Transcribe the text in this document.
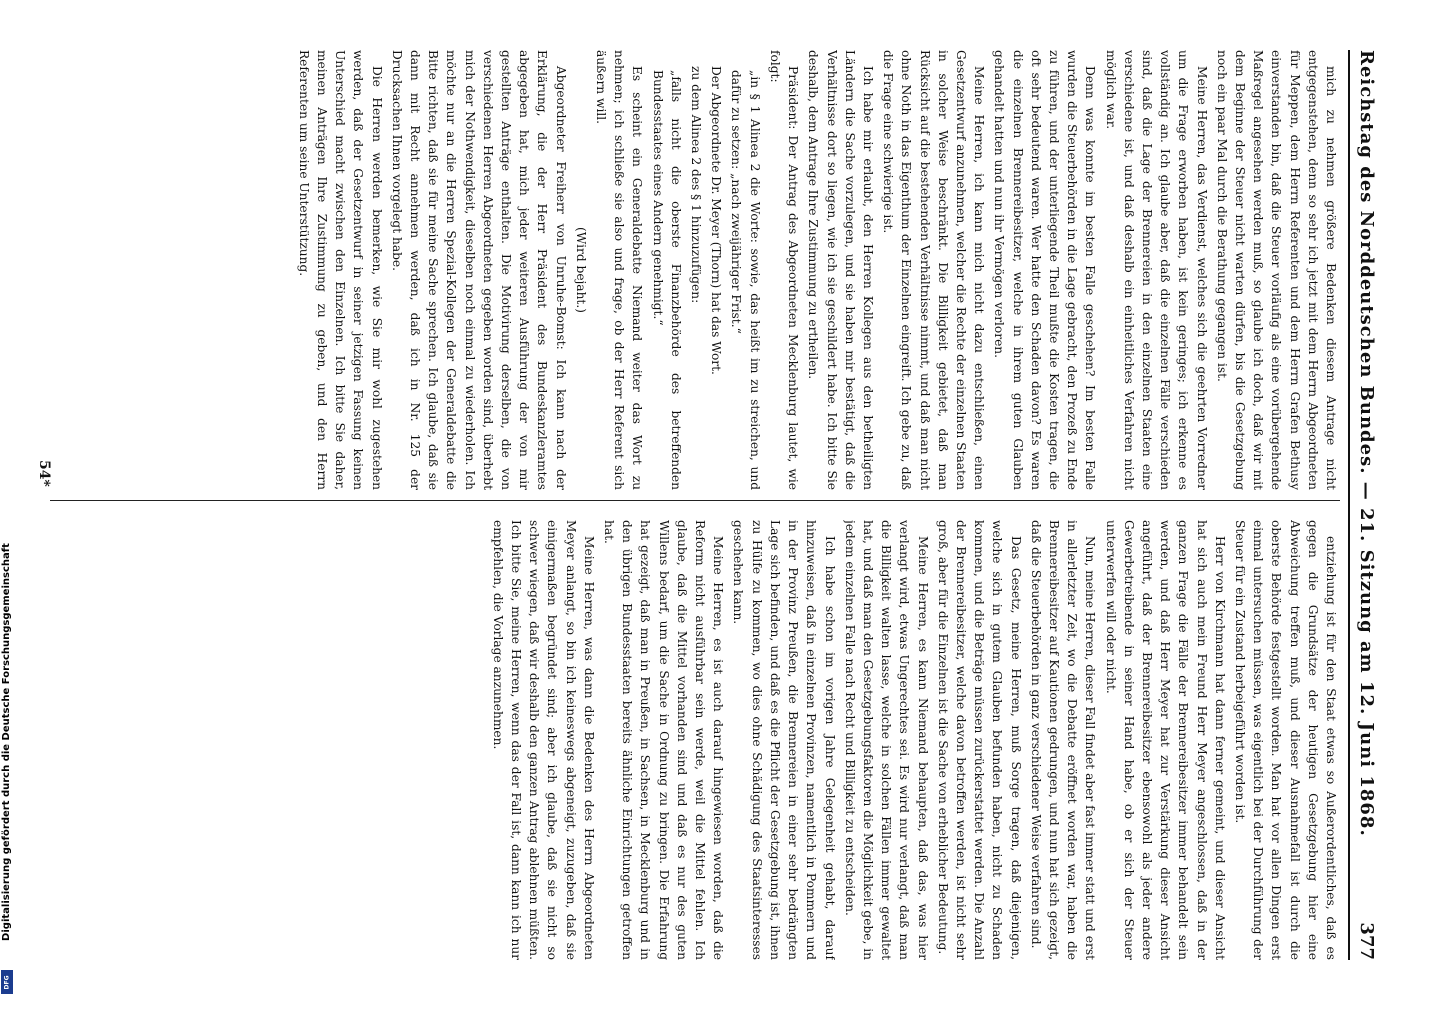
Digitalisierung gefördert durch die Deutsche Forschungsgemeinschaft
DFG
Reichstag des Norddeutschen Bundes. — 21. Sitzung am 12. Juni 1868.
377

mich zu nehmen größere Bedenken diesem Antrage nicht entgegenstehen, denn so sehr ich jetzt mit dem Herrn Abgeordneten für Meppen, dem Herrn Referenten und dem Herrn Grafen Bethusy einverstanden bin, daß die Steuer vorläufig als eine vorübergehende Maßregel angesehen werden muß, so glaube ich doch, daß wir mit dem Beginne der Steuer nicht warten dürfen, bis die Gesetzgebung noch ein paar Mal durch die Berathung gegangen ist.

Meine Herren, das Verdienst, welches sich die geehrten Vorredner um die Frage erworben haben, ist kein geringes; ich erkenne es vollständig an. Ich glaube aber, daß die einzelnen Fälle verschieden sind, daß die Lage der Brennereien in den einzelnen Staaten eine verschiedene ist, und daß deshalb ein einheitliches Verfahren nicht möglich war.

Denn was konnte im besten Falle geschehen? Im besten Falle wurden die Steuerbehörden in die Lage gebracht, den Prozeß zu Ende zu führen, und der unterliegende Theil mußte die Kosten tragen, die oft sehr bedeutend waren. Wer hatte den Schaden davon? Es waren die einzelnen Brennereibesitzer, welche in ihrem guten Glauben gehandelt hatten und nun ihr Vermögen verloren.

Meine Herren, ich kann mich nicht dazu entschließen, einen Gesetzentwurf anzunehmen, welcher die Rechte der einzelnen Staaten in solcher Weise beschränkt. Die Billigkeit gebietet, daß man Rücksicht auf die bestehenden Verhältnisse nimmt, und daß man nicht ohne Noth in das Eigenthum der Einzelnen eingreift. Ich gebe zu, daß die Frage eine schwierige ist.

Ich habe mir erlaubt, den Herren Kollegen aus den betheiligten Ländern die Sache vorzulegen, und sie haben mir bestätigt, daß die Verhältnisse dort so liegen, wie ich sie geschildert habe. Ich bitte Sie deshalb, dem Antrage Ihre Zustimmung zu ertheilen.

Präsident: Der Antrag des Abgeordneten Mecklenburg lautet, wie folgt:

„in § 1 Alinea 2 die Worte: sowie, das heißt im zu streichen, und dafür zu setzen: „nach zweijähriger Frist.“

Der Abgeordnete Dr. Meyer (Thorn) hat das Wort.

zu dem Alinea 2 des § 1 hinzuzufügen:

„falls nicht die oberste Finanzbehörde des betreffenden Bundesstaates eines Andern genehmigt.“

Es scheint ein Generaldebatte Niemand weiter das Wort zu nehmen; ich schließe sie also und frage, ob der Herr Referent sich äußern will.

(Wird bejaht.)

Abgeordneter Freiherr von Unruhe-Bomst: Ich kann nach der Erklärung, die der Herr Präsident des Bundeskanzleramtes abgegeben hat, mich jeder weiteren Ausführung der von mir gestellten Anträge enthalten. Die Motivirung derselben, die von verschiedenen Herren Abgeordneten gegeben worden sind, überhebt mich der Nothwendigkeit, dieselben noch einmal zu wiederholen. Ich möchte nur an die Herren Spezial-Kollegen der Generaldebatte die Bitte richten, daß sie für meine Sache sprechen. Ich glaube, daß sie dann mit Recht annehmen werden, daß ich in Nr. 125 der Drucksachen Ihnen vorgelegt habe.

Die Herren werden bemerken, wie Sie mir wohl zugestehen werden, daß der Gesetzentwurf in seiner jetzigen Fassung keinen Unterschied macht zwischen den Einzelnen. Ich bitte Sie daher, meinen Anträgen Ihre Zustimmung zu geben, und den Herrn Referenten um seine Unterstützung.

entziehung ist für den Staat etwas so Außerordentliches, daß es gegen die Grundsätze der heutigen Gesetzgebung hier eine Abweichung treffen muß, und dieser Ausnahmefall ist durch die oberste Behörde festgestellt worden. Man hat vor allen Dingen erst einmal untersuchen müssen, was eigentlich bei der Durchführung der Steuer für ein Zustand herbeigeführt worden ist.

Herr von Kirchmann hat dann ferner gemeint, und dieser Ansicht hat sich auch mein Freund Herr Meyer angeschlossen, daß in der ganzen Frage die Fälle der Brennereibesitzer immer behandelt sein werden, und daß Herr Meyer hat zur Verstärkung dieser Ansicht angeführt, daß der Brennereibesitzer ebensowohl als jeder andere Gewerbetreibende in seiner Hand habe, ob er sich der Steuer unterwerfen will oder nicht.

Nun, meine Herren, dieser Fall findet aber fast immer statt und erst in allerletzter Zeit, wo die Debatte eröffnet worden war, haben die Brennereibesitzer auf Kautionen gedrungen, und nun hat sich gezeigt, daß die Steuerbehörden in ganz verschiedener Weise verfahren sind.

Das Gesetz, meine Herren, muß Sorge tragen, daß diejenigen, welche sich in gutem Glauben befunden haben, nicht zu Schaden kommen, und die Beträge müssen zurückerstattet werden. Die Anzahl der Brennereibesitzer, welche davon betroffen werden, ist nicht sehr groß, aber für die Einzelnen ist die Sache von erheblicher Bedeutung.

Meine Herren, es kann Niemand behaupten, daß das, was hier verlangt wird, etwas Ungerechtes sei. Es wird nur verlangt, daß man die Billigkeit walten lasse, welche in solchen Fällen immer gewaltet hat, und daß man den Gesetzgebungsfaktoren die Möglichkeit gebe, in jedem einzelnen Falle nach Recht und Billigkeit zu entscheiden.

Ich habe schon im vorigen Jahre Gelegenheit gehabt, darauf hinzuweisen, daß in einzelnen Provinzen, namentlich in Pommern und in der Provinz Preußen, die Brennereien in einer sehr bedrängten Lage sich befinden, und daß es die Pflicht der Gesetzgebung ist, ihnen zu Hülfe zu kommen, wo dies ohne Schädigung des Staatsinteresses geschehen kann.

Meine Herren, es ist auch darauf hingewiesen worden, daß die Reform nicht ausführbar sein werde, weil die Mittel fehlen. Ich glaube, daß die Mittel vorhanden sind und daß es nur des guten Willens bedarf, um die Sache in Ordnung zu bringen. Die Erfahrung hat gezeigt, daß man in Preußen, in Sachsen, in Mecklenburg und in den übrigen Bundesstaaten bereits ähnliche Einrichtungen getroffen hat.

Meine Herren, was dann die Bedenken des Herrn Abgeordneten Meyer anlangt, so bin ich keineswegs abgeneigt, zuzugeben, daß sie einigermaßen begründet sind; aber ich glaube, daß sie nicht so schwer wiegen, daß wir deshalb den ganzen Antrag ablehnen müßten. Ich bitte Sie, meine Herren, wenn das der Fall ist, dann kann ich nur empfehlen, die Vorlage anzunehmen.

54*
